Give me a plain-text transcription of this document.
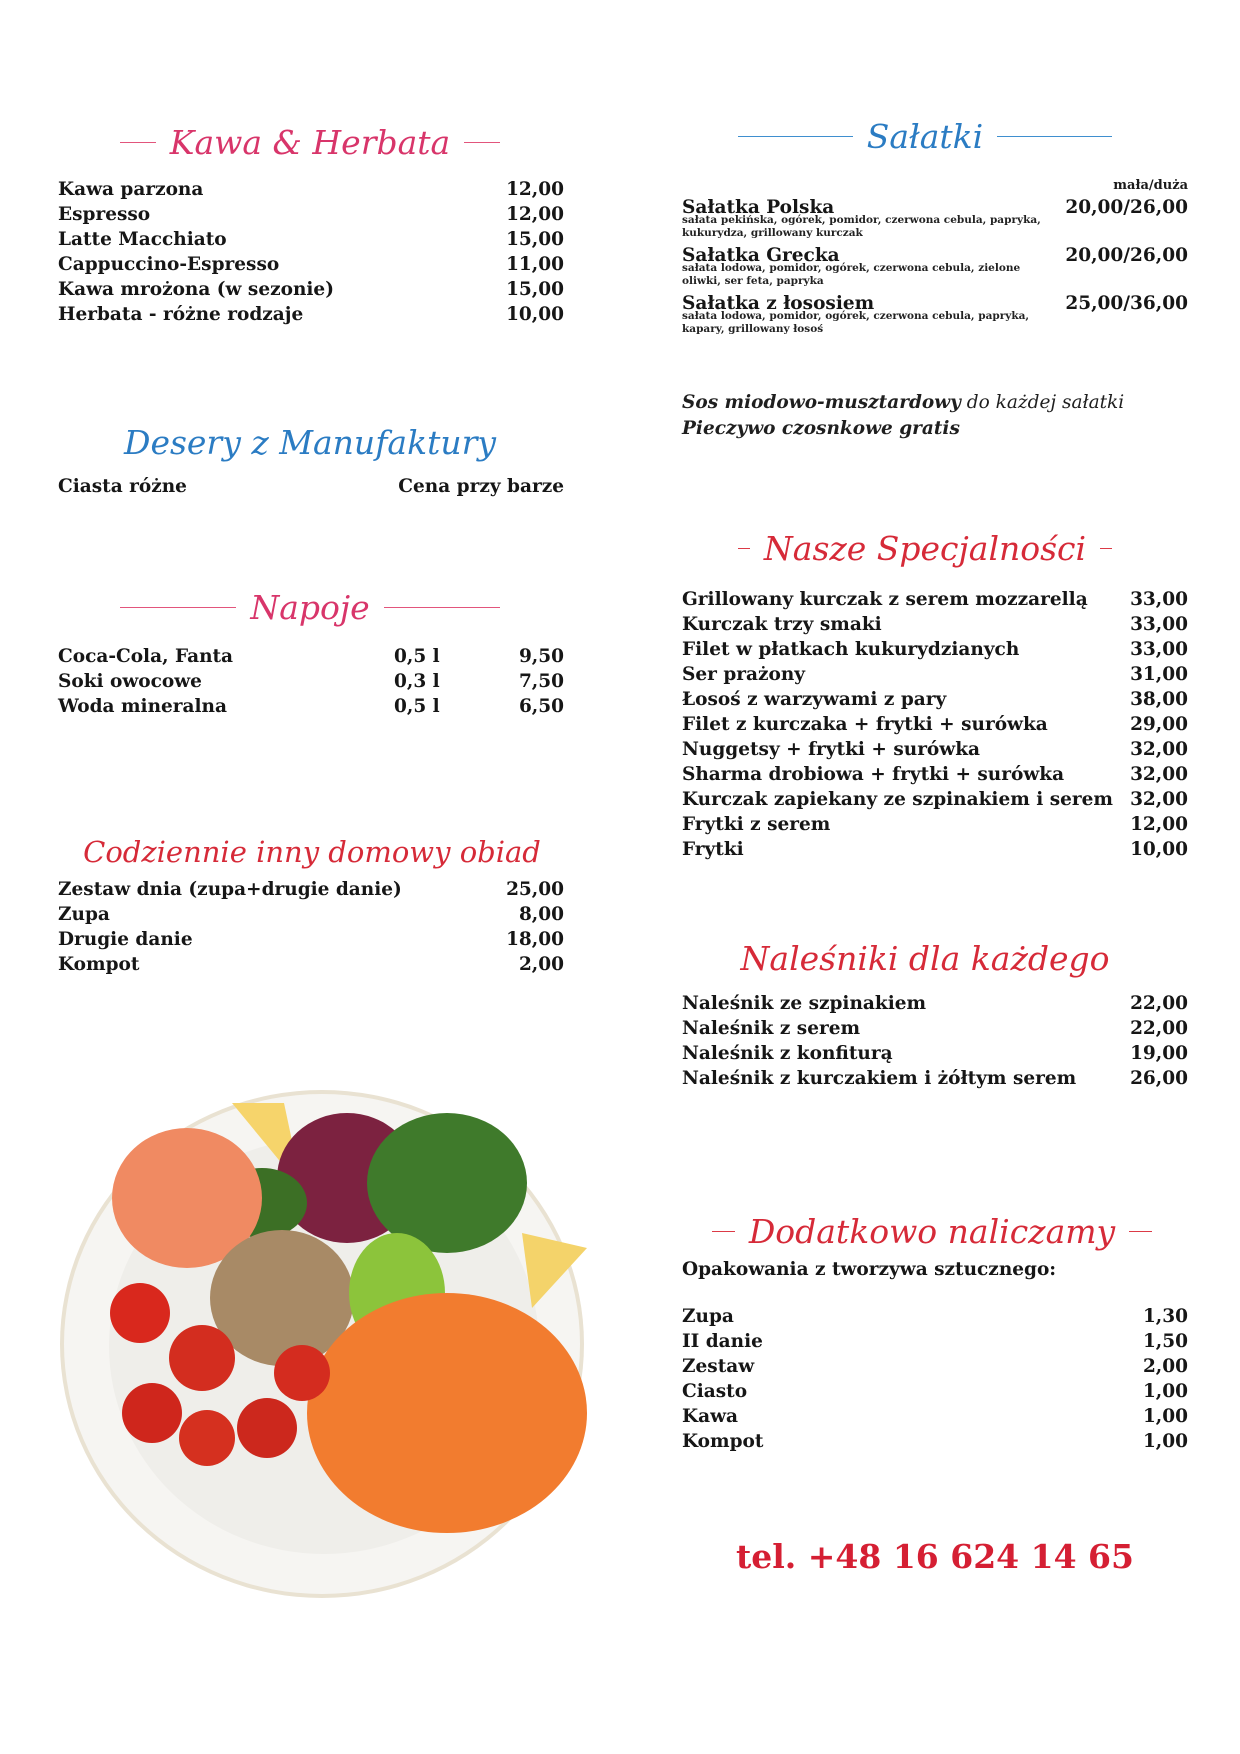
Kawa & Herbata
Kawa parzona	12,00
Espresso	12,00
Latte Macchiato	15,00
Cappuccino-Espresso	11,00
Kawa mrożona (w sezonie)	15,00
Herbata - różne rodzaje	10,00
Desery z Manufaktury
Ciasta różne	Cena przy barze
Napoje
Coca-Cola, Fanta	0,5 l	9,50
Soki owocowe	0,3 l	7,50
Woda mineralna	0,5 l	6,50
Codziennie inny domowy obiad
Zestaw dnia (zupa+drugie danie)	25,00
Zupa	8,00
Drugie danie	18,00
Kompot	2,00
Sałatki
mała/duża
Sałatka Polska	20,00/26,00
sałata pekińska, ogórek, pomidor, czerwona cebula, papryka, kukurydza, grillowany kurczak
Sałatka Grecka	20,00/26,00
sałata lodowa, pomidor, ogórek, czerwona cebula, zielone oliwki, ser feta, papryka
Sałatka z łososiem	25,00/36,00
sałata lodowa, pomidor, ogórek, czerwona cebula, papryka, kapary, grillowany łosoś
Sos miodowo-musztardowy do każdej sałatki
Pieczywo czosnkowe gratis
Nasze Specjalności
Grillowany kurczak z serem mozzarellą	33,00
Kurczak trzy smaki	33,00
Filet w płatkach kukurydzianych	33,00
Ser prażony	31,00
Łosoś z warzywami z pary	38,00
Filet z kurczaka + frytki + surówka	29,00
Nuggetsy + frytki + surówka	32,00
Sharma drobiowa + frytki + surówka	32,00
Kurczak zapiekany ze szpinakiem i serem 32,00
Frytki z serem	12,00
Frytki	10,00
Naleśniki dla każdego
Naleśnik ze szpinakiem	22,00
Naleśnik z serem	22,00
Naleśnik z konfiturą	19,00
Naleśnik z kurczakiem i żółtym serem	26,00
Dodatkowo naliczamy
Opakowania z tworzywa sztucznego:
Zupa	1,30
II danie	1,50
Zestaw	2,00
Ciasto	1,00
Kawa	1,00
Kompot	1,00
tel. +48 16 624 14 65
